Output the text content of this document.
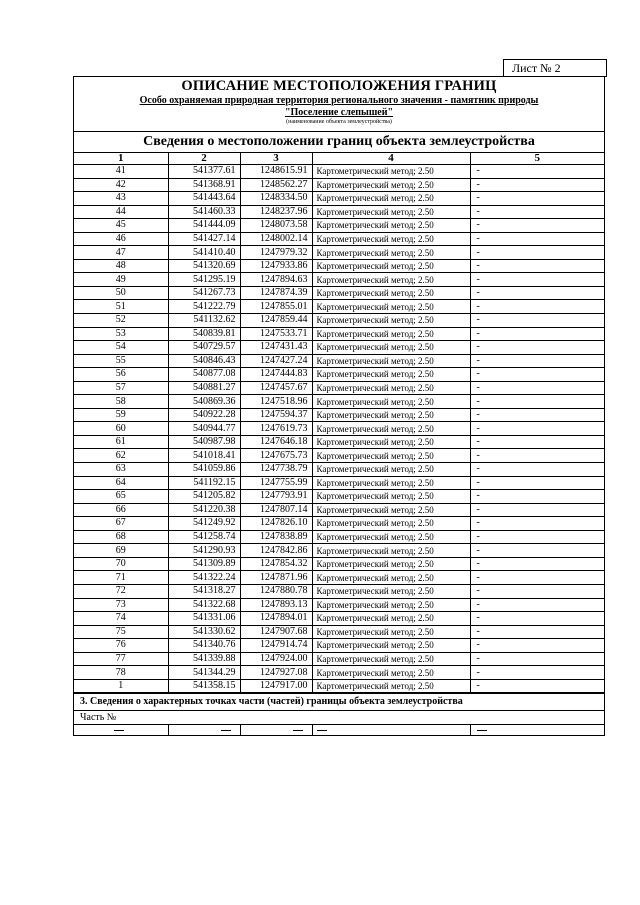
Лист № 2
ОПИСАНИЕ МЕСТОПОЛОЖЕНИЯ ГРАНИЦ
Особо охраняемая природная территория регионального значения - памятник природы
"Поселение слепышей"
(наименование объекта землеустройства)
Сведения о местоположении границ объекта землеустройства
1	2	3	4	5
41	541377.61	1248615.91	Картометрический метод; 2.50	-
42	541368.91	1248562.27	Картометрический метод; 2.50	-
43	541443.64	1248334.50	Картометрический метод; 2.50	-
44	541460.33	1248237.96	Картометрический метод; 2.50	-
45	541444.09	1248073.58	Картометрический метод; 2.50	-
46	541427.14	1248002.14	Картометрический метод; 2.50	-
47	541410.40	1247979.32	Картометрический метод; 2.50	-
48	541320.69	1247933.86	Картометрический метод; 2.50	-
49	541295.19	1247894.63	Картометрический метод; 2.50	-
50	541267.73	1247874.39	Картометрический метод; 2.50	-
51	541222.79	1247855.01	Картометрический метод; 2.50	-
52	541132.62	1247859.44	Картометрический метод; 2.50	-
53	540839.81	1247533.71	Картометрический метод; 2.50	-
54	540729.57	1247431.43	Картометрический метод; 2.50	-
55	540846.43	1247427.24	Картометрический метод; 2.50	-
56	540877.08	1247444.83	Картометрический метод; 2.50	-
57	540881.27	1247457.67	Картометрический метод; 2.50	-
58	540869.36	1247518.96	Картометрический метод; 2.50	-
59	540922.28	1247594.37	Картометрический метод; 2.50	-
60	540944.77	1247619.73	Картометрический метод; 2.50	-
61	540987.98	1247646.18	Картометрический метод; 2.50	-
62	541018.41	1247675.73	Картометрический метод; 2.50	-
63	541059.86	1247738.79	Картометрический метод; 2.50	-
64	541192.15	1247755.99	Картометрический метод; 2.50	-
65	541205.82	1247793.91	Картометрический метод; 2.50	-
66	541220.38	1247807.14	Картометрический метод; 2.50	-
67	541249.92	1247826.10	Картометрический метод; 2.50	-
68	541258.74	1247838.89	Картометрический метод; 2.50	-
69	541290.93	1247842.86	Картометрический метод; 2.50	-
70	541309.89	1247854.32	Картометрический метод; 2.50	-
71	541322.24	1247871.96	Картометрический метод; 2.50	-
72	541318.27	1247880.78	Картометрический метод; 2.50	-
73	541322.68	1247893.13	Картометрический метод; 2.50	-
74	541331.06	1247894.01	Картометрический метод; 2.50	-
75	541330.62	1247907.68	Картометрический метод; 2.50	-
76	541340.76	1247914.74	Картометрический метод; 2.50	-
77	541339.88	1247924.00	Картометрический метод; 2.50	-
78	541344.29	1247927.08	Картометрический метод; 2.50	-
1	541358.15	1247917.00	Картометрический метод; 2.50	-
3. Сведения о характерных точках части (частей) границы объекта землеустройства
Часть №
